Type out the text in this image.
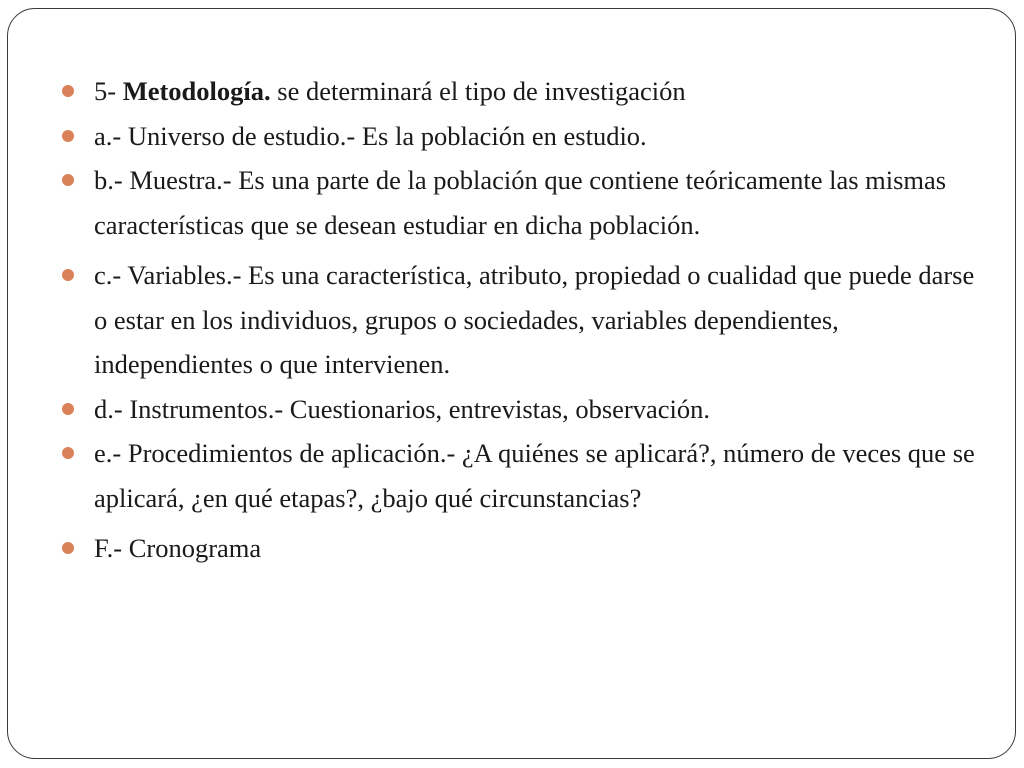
5- Metodología. se determinará el tipo de investigación
a.- Universo de estudio.- Es la población en estudio.
b.- Muestra.- Es una parte de la población que contiene teóricamente las mismas características que se desean estudiar en dicha población.
c.- Variables.- Es una característica, atributo, propiedad o cualidad que puede darse o estar en los individuos, grupos o sociedades, variables dependientes, independientes o que intervienen.
d.- Instrumentos.- Cuestionarios, entrevistas, observación.
e.- Procedimientos de aplicación.- ¿A quiénes se aplicará?, número de veces que se aplicará, ¿en qué etapas?, ¿bajo qué circunstancias?
F.- Cronograma
